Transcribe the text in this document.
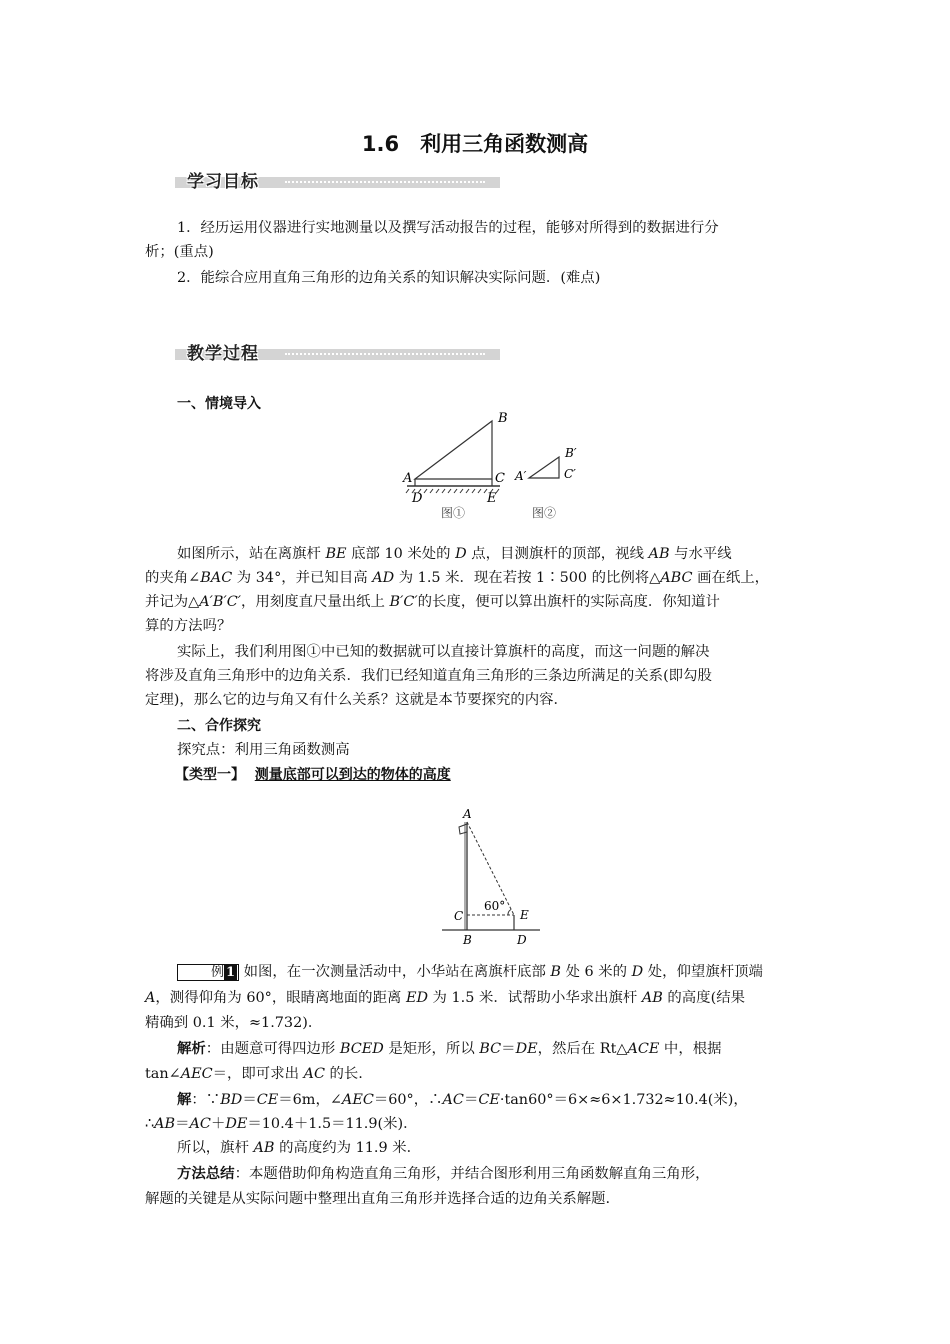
1.6　利用三角函数测高
学习目标
1．经历运用仪器进行实地测量以及撰写活动报告的过程，能够对所得到的数据进行分
析；(重点)
2．能综合应用直角三角形的边角关系的知识解决实际问题．(难点)
教学过程
一、情境导入
B
A	C
D	E
B′
A′	C′
图①	图②
如图所示，站在离旗杆 BE 底部 10 米处的 D 点，目测旗杆的顶部，视线 AB 与水平线
的夹角∠BAC 为 34°，并已知目高 AD 为 1.5 米．现在若按 1∶500 的比例将△ABC 画在纸上，
并记为△A′B′C′，用刻度直尺量出纸上 B′C′的长度，便可以算出旗杆的实际高度．你知道计
算的方法吗？
实际上，我们利用图①中已知的数据就可以直接计算旗杆的高度，而这一问题的解决
将涉及直角三角形中的边角关系．我们已经知道直角三角形的三条边所满足的关系(即勾股
定理)，那么它的边与角又有什么关系？这就是本节要探究的内容．
二、合作探究
探究点：利用三角函数测高
【类型一】 测量底部可以到达的物体的高度
A
C
B
E
D
60°
例 1 如图，在一次测量活动中，小华站在离旗杆底部 B 处 6 米的 D 处，仰望旗杆顶端
A，测得仰角为 60°，眼睛离地面的距离 ED 为 1.5 米．试帮助小华求出旗杆 AB 的高度(结果
精确到 0.1 米，≈1.732)．
解析：由题意可得四边形 BCED 是矩形，所以 BC＝DE，然后在 Rt△ACE 中，根据
tan∠AEC＝，即可求出 AC 的长.
解：∵BD＝CE＝6m，∠AEC＝60°，∴AC＝CE·tan60°＝6×≈6×1.732≈10.4(米)，
∴AB＝AC＋DE＝10.4＋1.5＝11.9(米)．
所以，旗杆 AB 的高度约为 11.9 米．
方法总结：本题借助仰角构造直角三角形，并结合图形利用三角函数解直角三角形，
解题的关键是从实际问题中整理出直角三角形并选择合适的边角关系解题.
